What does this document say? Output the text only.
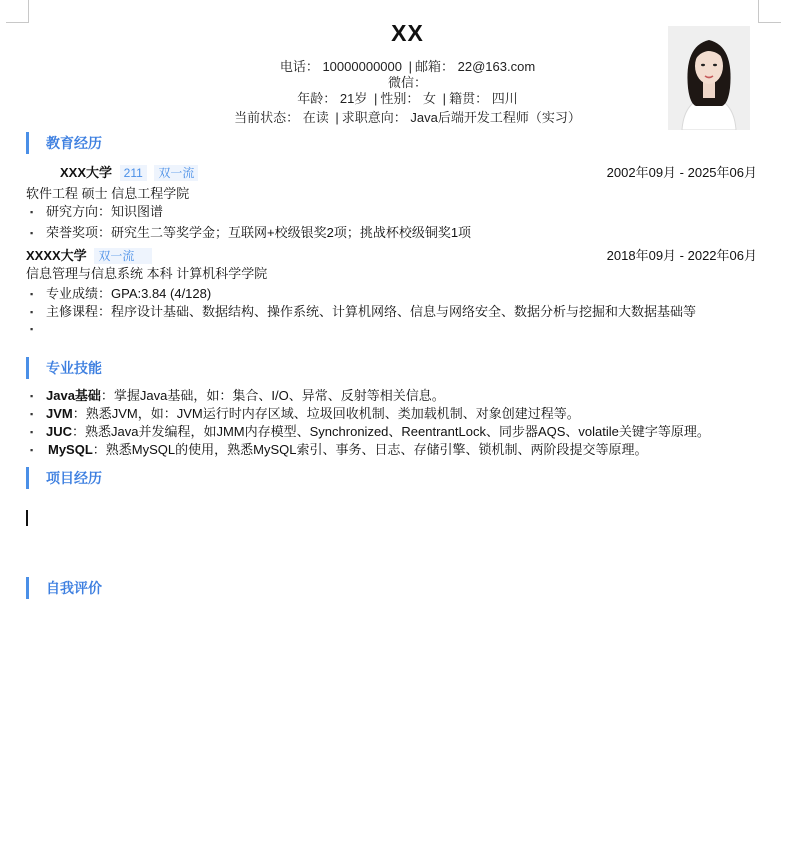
XX
电话： 10000000000 | 邮箱： 22@163.com
微信：
年龄： 21岁 | 性别： 女 | 籍贯： 四川
当前状态： 在读 | 求职意向： Java后端开发工程师（实习）
教育经历
XXX大学 211 双一流	2002年09月 - 2025年06月
软件工程 硕士 信息工程学院
▪ 研究方向：知识图谱
▪ 荣誉奖项：研究生二等奖学金；互联网+校级银奖2项；挑战杯校级铜奖1项
XXXX大学 双一流	2018年09月 - 2022年06月
信息管理与信息系统 本科 计算机科学学院
▪ 专业成绩：GPA:3.84 (4/128)
▪ 主修课程：程序设计基础、数据结构、操作系统、计算机网络、信息与网络安全、数据分析与挖掘和大数据基础等
▪
专业技能
▪ Java基础：掌握Java基础，如：集合、I/O、异常、反射等相关信息。
▪ JVM：熟悉JVM，如：JVM运行时内存区域、垃圾回收机制、类加载机制、对象创建过程等。
▪ JUC：熟悉Java并发编程，如JMM内存模型、Synchronized、ReentrantLock、同步器AQS、volatile关键字等原理。
▪ MySQL：熟悉MySQL的使用，熟悉MySQL索引、事务、日志、存储引擎、锁机制、两阶段提交等原理。
项目经历
自我评价
